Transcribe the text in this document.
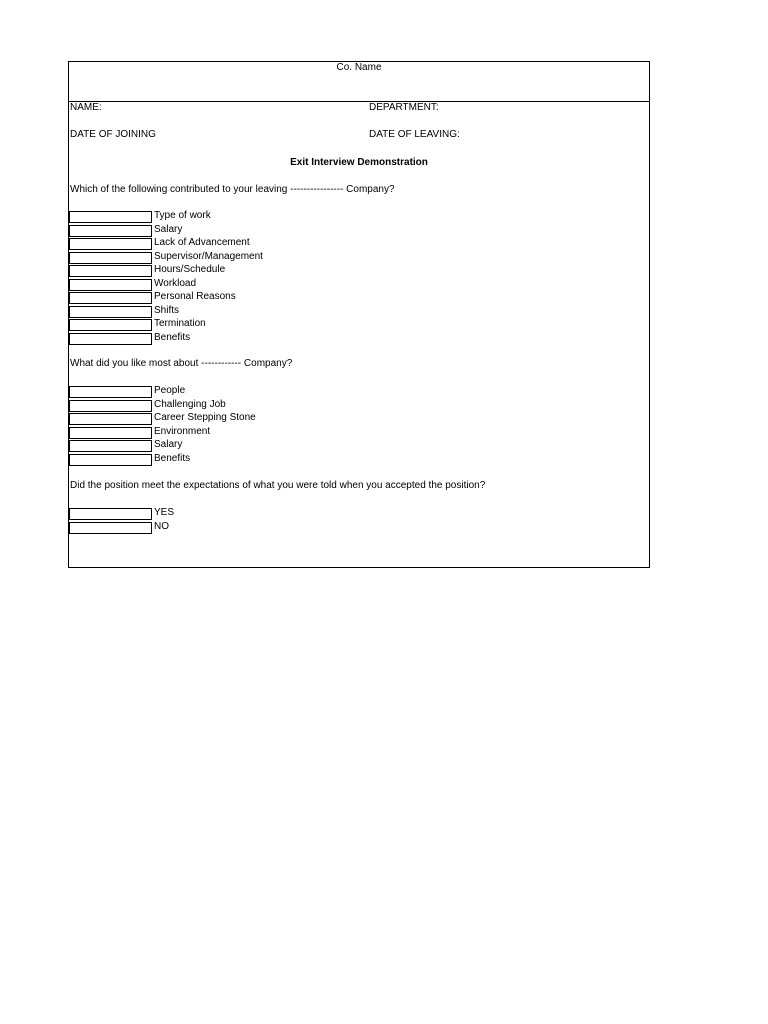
Co. Name
NAME:	DEPARTMENT:
DATE OF JOINING	DATE OF LEAVING:
Exit Interview Demonstration
Which of the following contributed to your leaving ---------------- Company?
Type of work
Salary
Lack of Advancement
Supervisor/Management
Hours/Schedule
Workload
Personal Reasons
Shifts
Termination
Benefits
What did you like most about ------------ Company?
People
Challenging Job
Career Stepping Stone
Environment
Salary
Benefits
Did the position meet the expectations of what you were told when you accepted the position?
YES
NO
